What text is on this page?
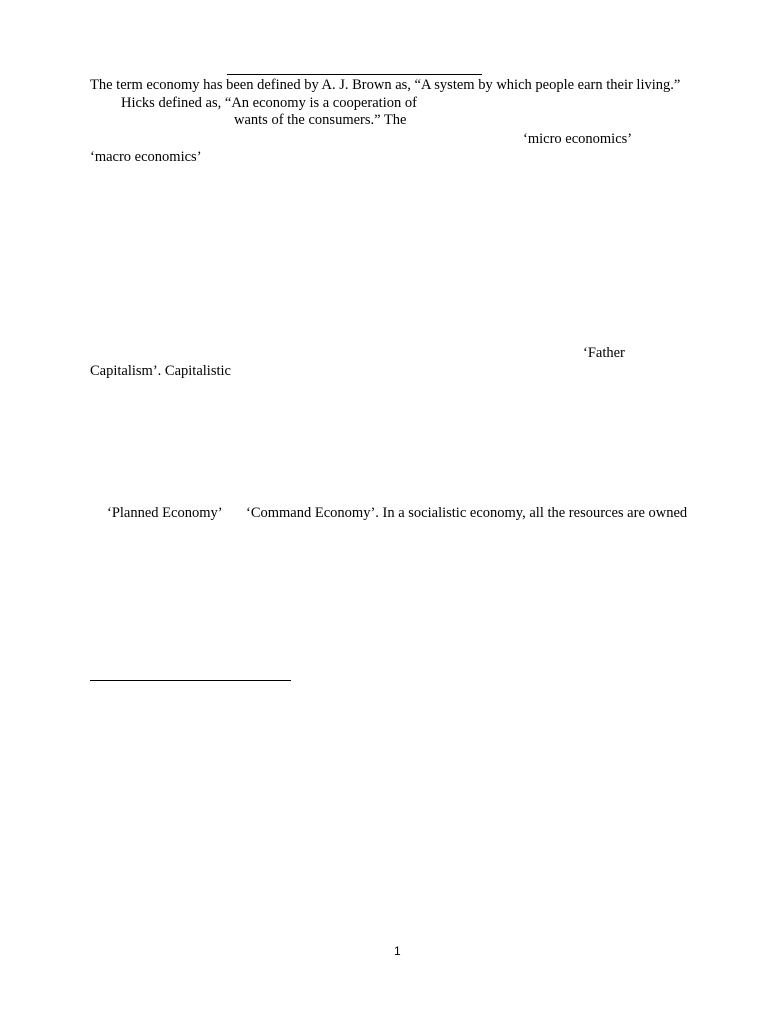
The term economy has been defined by A. J. Brown as, “A system by which people earn their living.”
Hicks defined as, “An economy is a cooperation of
wants of the consumers.” The
‘micro economics’
‘macro economics’
‘Father
Capitalism’. Capitalistic
‘Planned Economy’ ‘Command Economy’. In a socialistic economy, all the resources are owned
1
